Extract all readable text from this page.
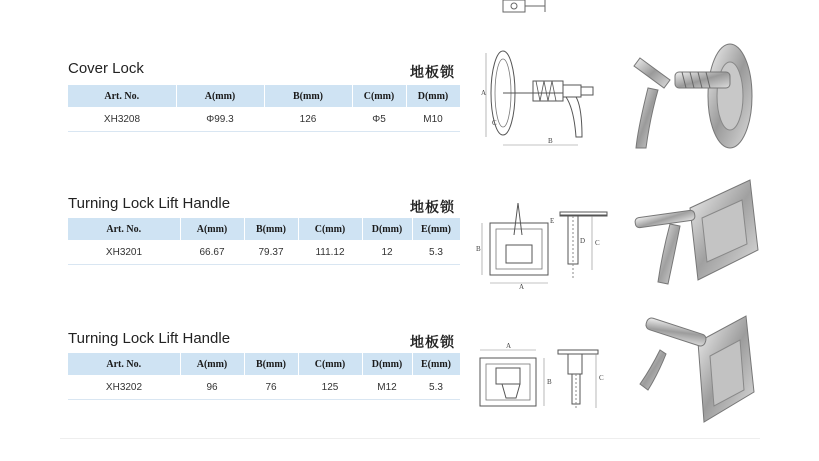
Cover Lock	地板锁
Art. No.	A(mm)	B(mm)	C(mm)	D(mm)
XH3208	Φ99.3	126	Φ5	M10
A
B
C
Turning Lock Lift Handle	地板锁
Art. No.	A(mm)	B(mm)	C(mm)	D(mm)	E(mm)
XH3201	66.67	79.37	111.12	12	5.3	B
A
C
D
E
Turning Lock Lift Handle	地板锁
Art. No.	A(mm)	B(mm)	C(mm)	D(mm)	E(mm)
XH3202	96	76	125	M12	5.3
A
B	C
